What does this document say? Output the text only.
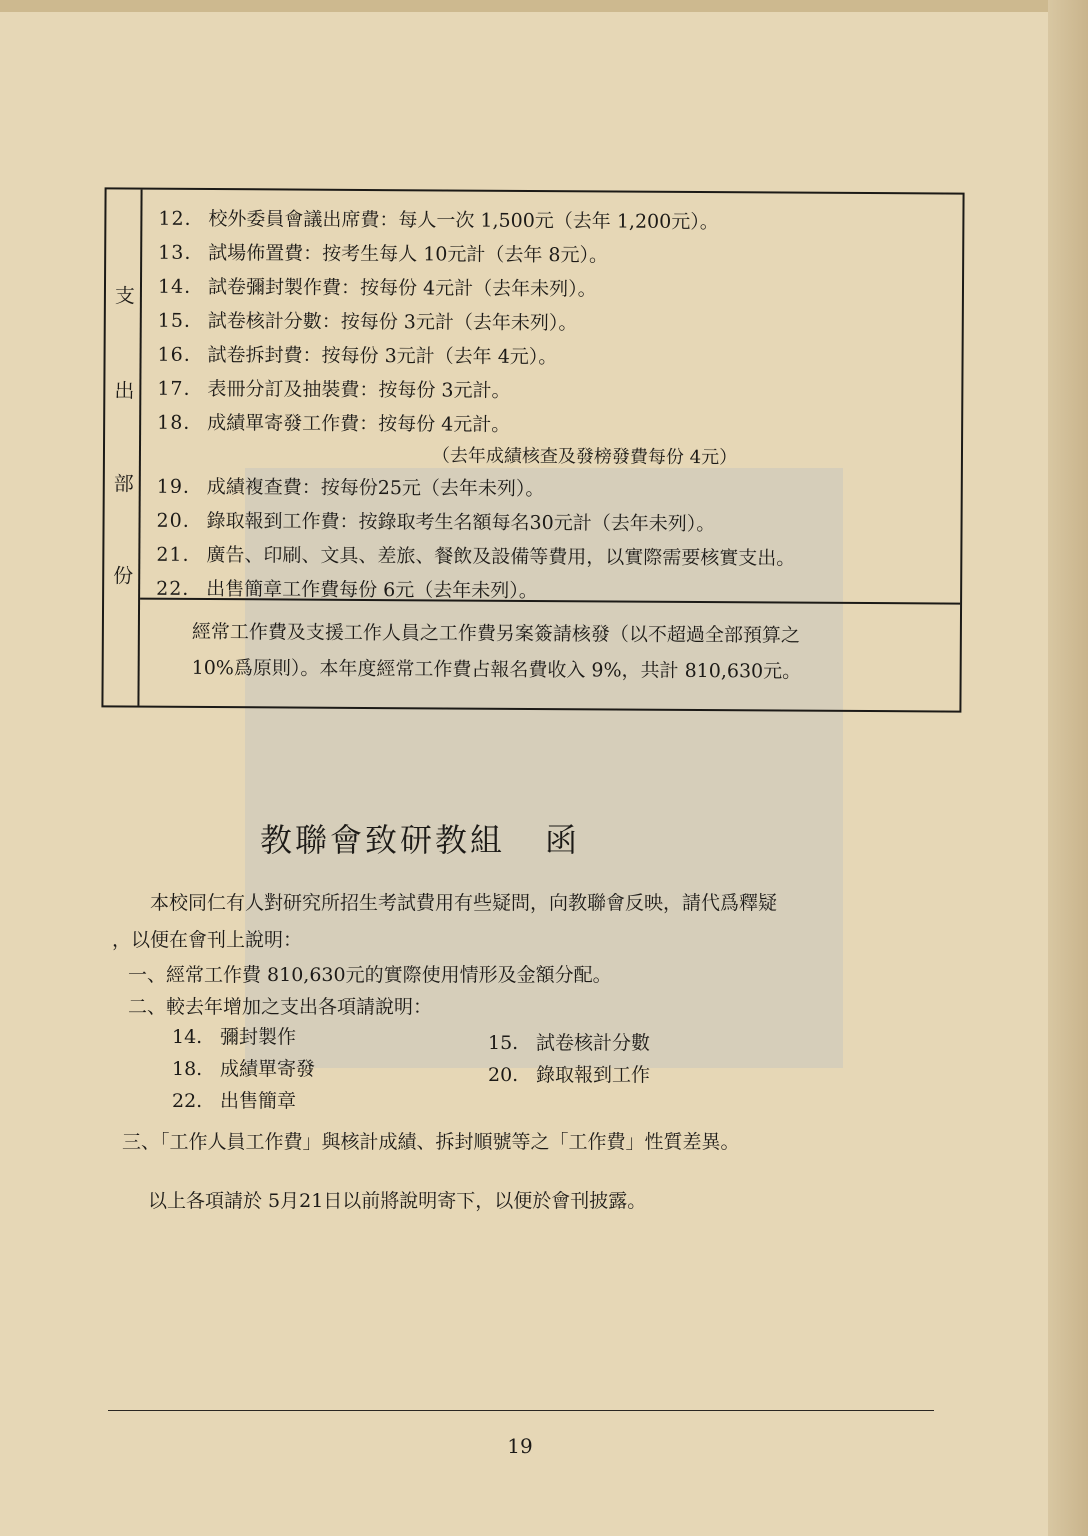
支
出
部
份
12. 校外委員會議出席費：每人一次 1,500元（去年 1,200元）。
13. 試場佈置費：按考生每人 10元計（去年 8元）。
14. 試卷彌封製作費：按每份 4元計（去年未列）。
15. 試卷核計分數：按每份 3元計（去年未列）。
16. 試卷拆封費：按每份 3元計（去年 4元）。
17. 表冊分訂及抽裝費：按每份 3元計。
18. 成績單寄發工作費：按每份 4元計。
（去年成績核查及發榜發費每份 4元）
19. 成績複查費：按每份25元（去年未列）。
20. 錄取報到工作費：按錄取考生名額每名30元計（去年未列）。
21. 廣告、印刷、文具、差旅、餐飲及設備等費用，以實際需要核實支出。
22. 出售簡章工作費每份 6元（去年未列）。
經常工作費及支援工作人員之工作費另案簽請核發（以不超過全部預算之
10%爲原則）。本年度經常工作費占報名費收入 9%，共計 810,630元。
教聯會致研教組 函
本校同仁有人對研究所招生考試費用有些疑問，向教聯會反映，請代爲釋疑
，以便在會刊上說明：
一、經常工作費 810,630元的實際使用情形及金額分配。
二、較去年增加之支出各項請說明：
14. 彌封製作	15. 試卷核計分數
18. 成績單寄發	20. 錄取報到工作
22. 出售簡章
三、「工作人員工作費」與核計成績、拆封順號等之「工作費」性質差異。
以上各項請於 5月21日以前將說明寄下，以便於會刊披露。
19
